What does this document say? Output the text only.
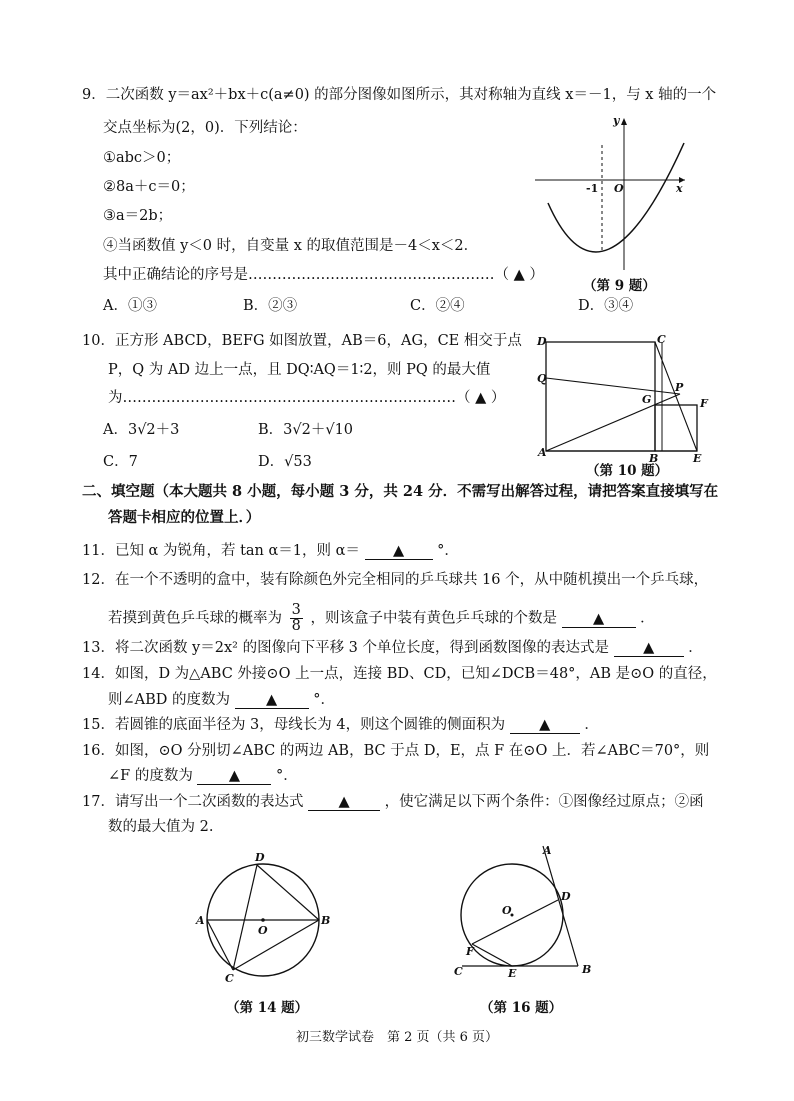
9．二次函数 y＝ax²＋bx＋c(a≠0) 的部分图像如图所示，其对称轴为直线 x＝－1，与 x 轴的一个
交点坐标为(2，0)．下列结论：
①abc＞0；
②8a＋c＝0；
③a＝2b；
④当函数值 y＜0 时，自变量 x 的取值范围是－4＜x＜2．
其中正确结论的序号是……………………………………………（ ▲ ）
A．①③	B．②③	C．②④	D．③④
y
x
O
-1
（第 9 题）
10．正方形 ABCD，BEFG 如图放置，AB＝6，AG，CE 相交于点
P，Q 为 AD 边上一点，且 DQ∶AQ＝1∶2，则 PQ 的最大值
为……………………………………………………………（ ▲ ）
A．3√2＋3	B．3√2＋√10
C．7	D．√53
D	C
Q
P
G	F
A	B	E
（第 10 题）
二、填空题（本大题共 8 小题，每小题 3 分，共 24 分．不需写出解答过程，请把答案直接填写在
答题卡相应的位置上．）
11．已知 α 为锐角，若 tan α＝1，则 α＝ ▲ °．
12．在一个不透明的盒中，装有除颜色外完全相同的乒乓球共 16 个，从中随机摸出一个乒乓球，
若摸到黄色乒乓球的概率为 $\frac{3}{8}$ ，则该盒子中装有黄色乒乓球的个数是 ▲ ．
13．将二次函数 y＝2x² 的图像向下平移 3 个单位长度，得到函数图像的表达式是 ▲ ．
14．如图，D 为△ABC 外接⊙O 上一点，连接 BD、CD，已知∠DCB＝48°，AB 是⊙O 的直径，
则∠ABD 的度数为 ▲ °．
15．若圆锥的底面半径为 3，母线长为 4，则这个圆锥的侧面积为 ▲ ．
16．如图，⊙O 分别切∠ABC 的两边 AB，BC 于点 D，E，点 F 在⊙O 上．若∠ABC＝70°，则
∠F 的度数为 ▲ °．
17．请写出一个二次函数的表达式 ▲ ，使它满足以下两个条件：①图像经过原点；②函
数的最大值为 2.
D
A	B
O
C
（第 14 题）
A
D
O
F
C	E	B
（第 16 题）
初三数学试卷　第 2 页（共 6 页）
